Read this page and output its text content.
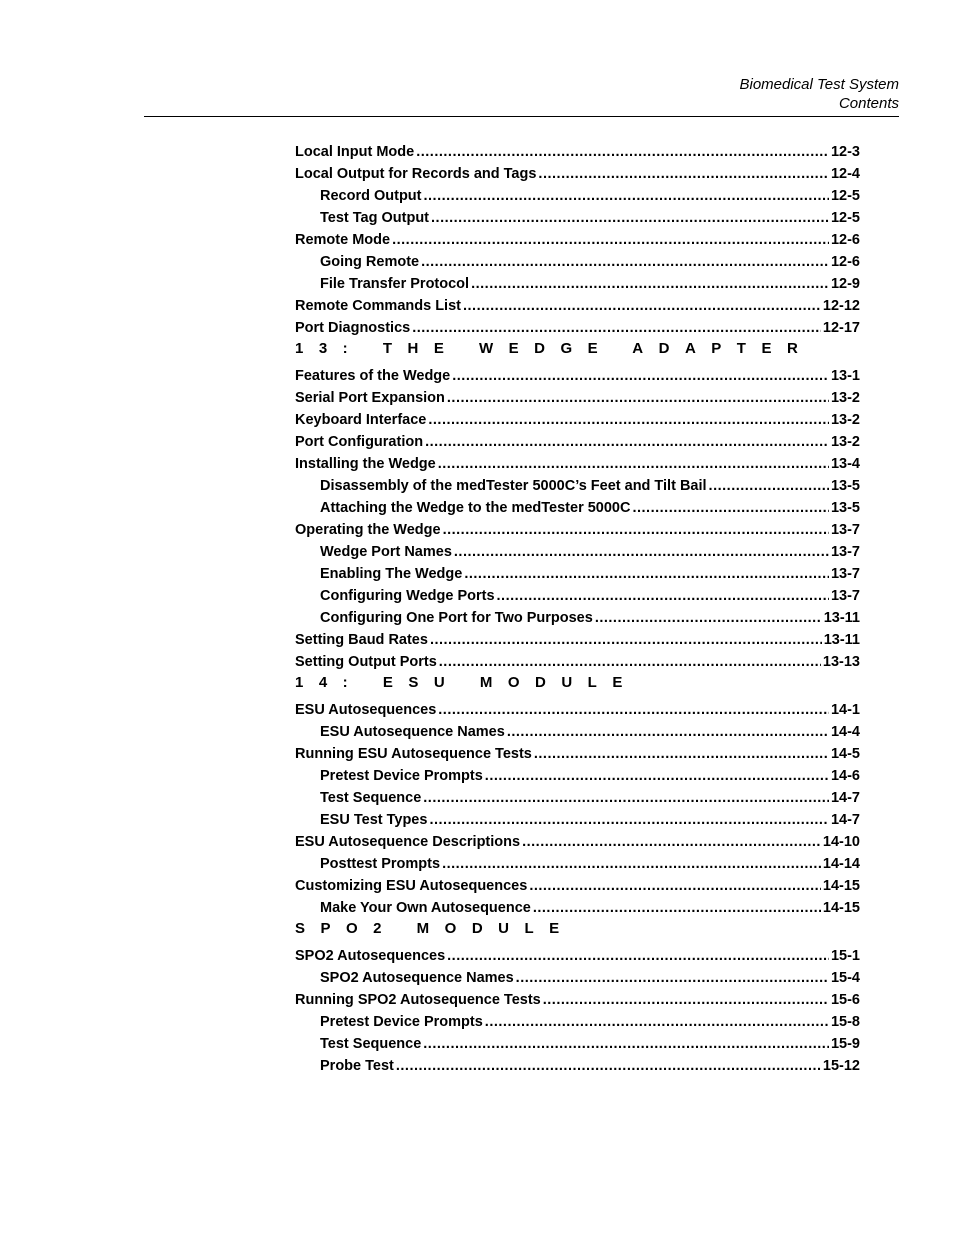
Biomedical Test System
Contents
Local Input Mode .....	12-3
Local Output for Records and Tags .....	12-4
Record Output .....	12-5
Test Tag Output .....	12-5
Remote Mode .....	12-6
Going Remote .....	12-6
File Transfer Protocol .....	12-9
Remote Commands List .....	12-12
Port Diagnostics .....	12-17
13: THE WEDGE ADAPTER
Features of the Wedge .....	13-1
Serial Port Expansion .....	13-2
Keyboard Interface .....	13-2
Port Configuration .....	13-2
Installing the Wedge .....	13-4
Disassembly of the medTester 5000C’s Feet and Tilt Bail .....	13-5
Attaching the Wedge to the medTester 5000C .....	13-5
Operating the Wedge .....	13-7
Wedge Port Names .....	13-7
Enabling The Wedge .....	13-7
Configuring Wedge Ports .....	13-7
Configuring One Port for Two Purposes .....	13-11
Setting Baud Rates .....	13-11
Setting Output Ports .....	13-13
14: ESU MODULE
ESU Autosequences .....	14-1
ESU Autosequence Names .....	14-4
Running ESU Autosequence Tests .....	14-5
Pretest Device Prompts .....	14-6
Test Sequence .....	14-7
ESU Test Types .....	14-7
ESU Autosequence Descriptions .....	14-10
Posttest Prompts .....	14-14
Customizing ESU Autosequences .....	14-15
Make Your Own Autosequence .....	14-15
SPO2 MODULE
SPO2 Autosequences .....	15-1
SPO2 Autosequence Names .....	15-4
Running SPO2 Autosequence Tests .....	15-6
Pretest Device Prompts .....	15-8
Test Sequence .....	15-9
Probe Test .....	15-12
